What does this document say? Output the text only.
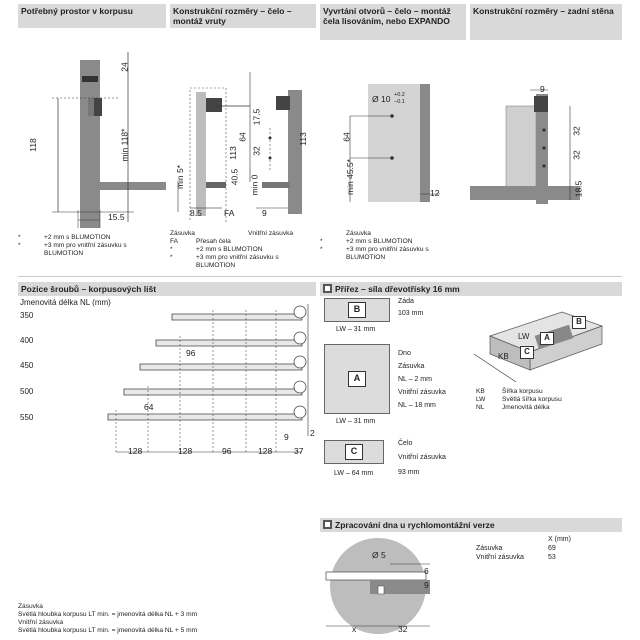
Potřebný prostor v korpusu	Konstrukční rozměry – čelo – montáž vruty
Vyvrtání otvorů – čelo – montáž čela lisováním, nebo EXPANDO
Konstrukční rozměry – zadní stěna
24
118	min 118*
15.5
*	+2 mm s BLUMOTION
*	+3 mm pro vnitřní zásuvku s
BLUMOTION
64
113
40.5
min 5*
8.5	FA
17.5
32
113
min 0
9
Zásuvka	Vnitřní zásuvka
FA	Přesah čela
*	+2 mm s BLUMOTION
*	+3 mm pro vnitřní zásuvku s
BLUMOTION
Ø 10 +0.2
−0.1
64
min 45.5*	12
Zásuvka
*	+2 mm s BLUMOTION
*	+3 mm pro vnitřní zásuvku s
BLUMOTION
9
32
32
18.5
Pozice šroubů – korpusových lišt
Jmenovitá délka NL (mm)
350
400
450
500
550
96
64
128	128	96	128	37
9	2
Zásuvka
Světlá hloubka korpusu LT min. = jmenovitá délka NL + 3 mm
Vnitřní zásuvka
Světlá hloubka korpusu LT min. = jmenovitá délka NL + 5 mm
Přířez – síla dřevotřísky 16 mm
B
Záda
103 mm
LW – 31 mm
A
Dno
Zásuvka
NL – 2 mm
Vnitřní zásuvka
NL – 18 mm
LW – 31 mm
C
Čelo
Vnitřní zásuvka
93 mm
LW – 64 mm
LW
KB
A
B
C
KB	Šířka korpusu
LW	Světlá šířka korpusu
NL	Jmenovitá délka
Zpracování dna u rychlomontážní verze
X (mm)
Zásuvka	69
Vnitřní zásuvka	53
Ø 5
6
9
x	32
